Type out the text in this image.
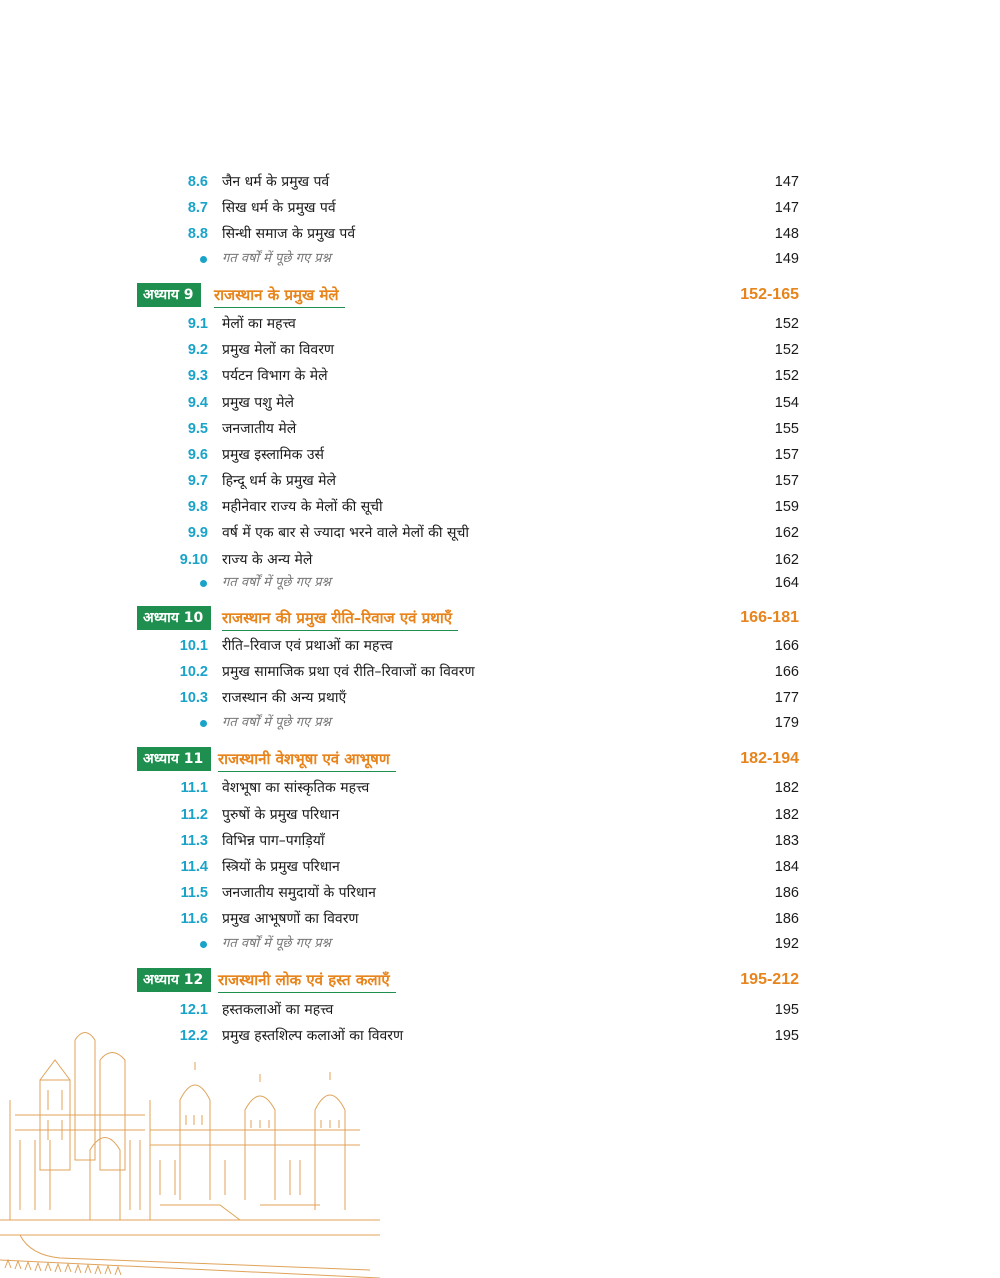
8.6 जैन धर्म के प्रमुख पर्व	147
8.7 सिख धर्म के प्रमुख पर्व	147
8.8 सिन्धी समाज के प्रमुख पर्व	148
गत वर्षों में पूछे गए प्रश्न	149
अध्याय 9	राजस्थान के प्रमुख मेले	152-165
9.1 मेलों का महत्त्व	152
9.2 प्रमुख मेलों का विवरण	152
9.3 पर्यटन विभाग के मेले	152
9.4 प्रमुख पशु मेले	154
9.5 जनजातीय मेले	155
9.6 प्रमुख इस्लामिक उर्स	157
9.7 हिन्दू धर्म के प्रमुख मेले	157
9.8 महीनेवार राज्य के मेलों की सूची	159
9.9 वर्ष में एक बार से ज्यादा भरने वाले मेलों की सूची	162
9.10 राज्य के अन्य मेले	162
गत वर्षों में पूछे गए प्रश्न	164
अध्याय 10	राजस्थान की प्रमुख रीति–रिवाज एवं प्रथाएँ	166-181
10.1 रीति–रिवाज एवं प्रथाओं का महत्त्व	166
10.2 प्रमुख सामाजिक प्रथा एवं रीति–रिवाजों का विवरण	166
10.3 राजस्थान की अन्य प्रथाएँ	177
गत वर्षों में पूछे गए प्रश्न	179
अध्याय 11 राजस्थानी वेशभूषा एवं आभूषण	182-194
11.1 वेशभूषा का सांस्कृतिक महत्त्व	182
11.2 पुरुषों के प्रमुख परिधान	182
11.3 विभिन्न पाग–पगड़ियाँ	183
11.4 स्त्रियों के प्रमुख परिधान	184
11.5 जनजातीय समुदायों के परिधान	186
11.6 प्रमुख आभूषणों का विवरण	186
गत वर्षों में पूछे गए प्रश्न	192
अध्याय 12 राजस्थानी लोक एवं हस्त कलाएँ	195-212
12.1 हस्तकलाओं का महत्त्व	195
12.2 प्रमुख हस्तशिल्प कलाओं का विवरण	195
